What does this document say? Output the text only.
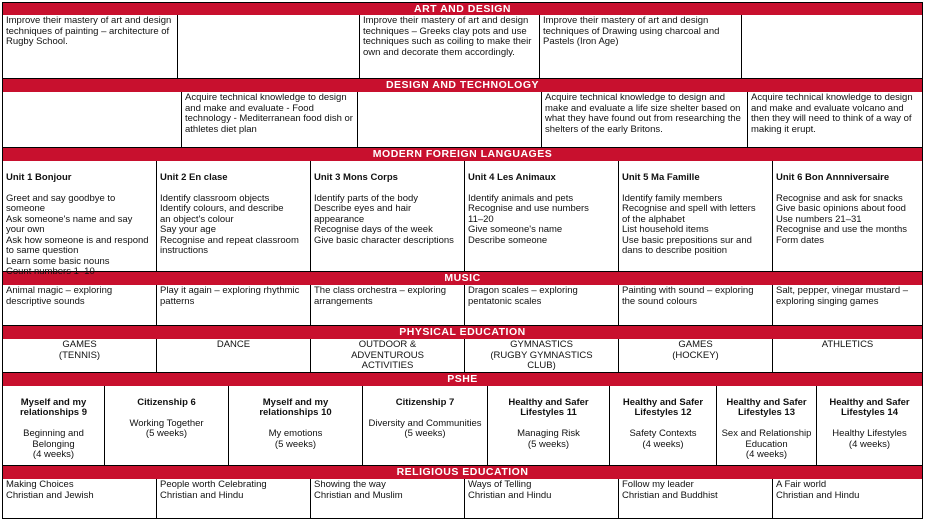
ART AND DESIGN
Improve their mastery of art and design techniques of painting – architecture of Rugby School.
Improve their mastery of art and design techniques – Greeks clay pots and use techniques such as coiling to make their own and decorate them accordingly.
Improve their mastery of art and design techniques of Drawing using charcoal and Pastels (Iron Age)
DESIGN AND TECHNOLOGY
Acquire technical knowledge to design and make and evaluate - Food technology - Mediterranean food dish or athletes diet plan
Acquire technical knowledge to design and make and evaluate a life size shelter based on what they have found out from researching the shelters of the early Britons.
Acquire technical knowledge to design and make and evaluate volcano and then they will need to think of a way of making it erupt.
MODERN FOREIGN LANGUAGES

Unit 1 Bonjour

Greet and say goodbye to someone
Ask someone's name and say
your own
Ask how someone is and respond to same question
Learn some basic nouns
Count numbers 1–10

Unit 2 En clase

Identify classroom objects
Identify colours, and describe
an object's colour
Say your age
Recognise and repeat classroom instructions

Unit 3 Mons Corps

Identify parts of the body
Describe eyes and hair appearance
Recognise days of the week
Give basic character descriptions

Unit 4 Les Animaux

Identify animals and pets
Recognise and use numbers
11–20
Give someone's name
Describe someone

Unit 5 Ma Famille

Identify family members
Recognise and spell with letters
of the alphabet
List household items
Use basic prepositions sur and dans to describe position

Unit 6 Bon Annniversaire

Recognise and ask for snacks
Give basic opinions about food
Use numbers 21–31
Recognise and use the months
Form dates

MUSIC
Animal magic – exploring descriptive sounds
Play it again – exploring rhythmic patterns
The class orchestra – exploring arrangements
Dragon scales – exploring pentatonic scales
Painting with sound – exploring the sound colours
Salt, pepper, vinegar mustard – exploring singing games
PHYSICAL EDUCATION
GAMES
(TENNIS)
DANCE	OUTDOOR &
ADVENTUROUS
ACTIVITIES
GYMNASTICS
(RUGBY GYMNASTICS
CLUB)
GAMES
(HOCKEY)
ATHLETICS
PSHE

Myself and my relationships 9

Beginning and Belonging
(4 weeks)

Citizenship 6

Working Together
(5 weeks)

Myself and my relationships 10

My emotions
(5 weeks)

Citizenship 7

Diversity and Communities
(5 weeks)

Healthy and Safer Lifestyles 11

Managing Risk
(5 weeks)

Healthy and Safer Lifestyles 12

Safety Contexts
(4 weeks)

Healthy and Safer Lifestyles 13

Sex and Relationship Education
(4 weeks)

Healthy and Safer Lifestyles 14

Healthy Lifestyles
(4 weeks)

RELIGIOUS EDUCATION
Making Choices
Christian and Jewish
People worth Celebrating
Christian and Hindu
Showing the way
Christian and Muslim
Ways of Telling
Christian and Hindu
Follow my leader
Christian and Buddhist
A Fair world
Christian and Hindu
